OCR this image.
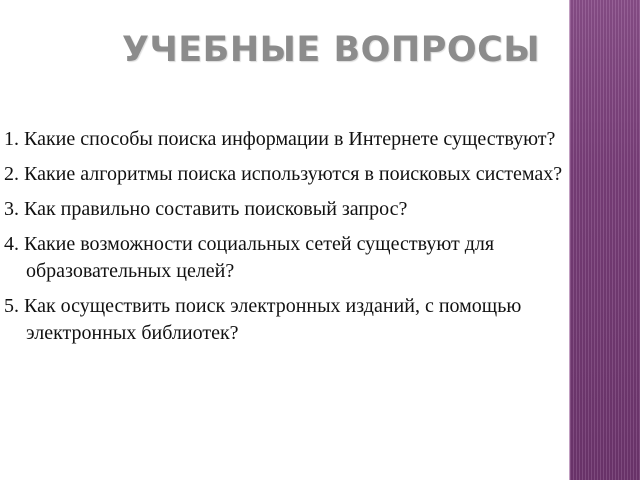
УЧЕБНЫЕ ВОПРОСЫ
1. Какие способы поиска информации в Интернете существуют?
2. Какие алгоритмы поиска используются в поисковых системах?
3. Как правильно составить поисковый запрос?
4. Какие возможности социальных сетей существуют для образовательных целей?
5. Как осуществить поиск электронных изданий, с помощью электронных библиотек?
